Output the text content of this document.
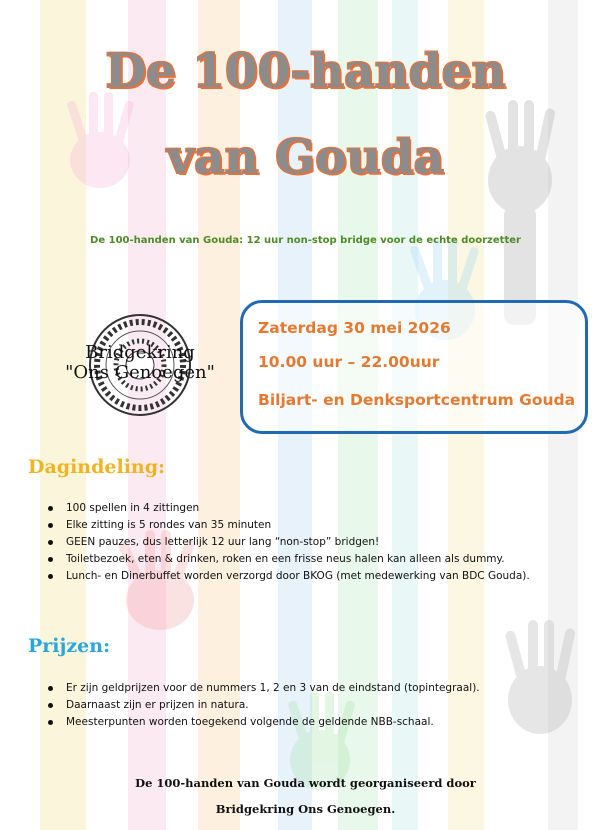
De 100-handen
van Gouda
De 100-handen van Gouda: 12 uur non-stop bridge voor de echte doorzetter
Bridgekring
"Ons Genoegen"
Zaterdag 30 mei 2026
10.00 uur – 22.00uur
Biljart- en Denksportcentrum Gouda
Dagindeling:
100 spellen in 4 zittingen
Elke zitting is 5 rondes van 35 minuten
GEEN pauzes, dus letterlijk 12 uur lang “non-stop” bridgen!
Toiletbezoek, eten & drinken, roken en een frisse neus halen kan alleen als dummy.
Lunch- en Dinerbuffet worden verzorgd door BKOG (met medewerking van BDC Gouda).
Prijzen:
Er zijn geldprijzen voor de nummers 1, 2 en 3 van de eindstand (topintegraal).
Daarnaast zijn er prijzen in natura.
Meesterpunten worden toegekend volgende de geldende NBB-schaal.
De 100-handen van Gouda wordt georganiseerd door
Bridgekring Ons Genoegen.
